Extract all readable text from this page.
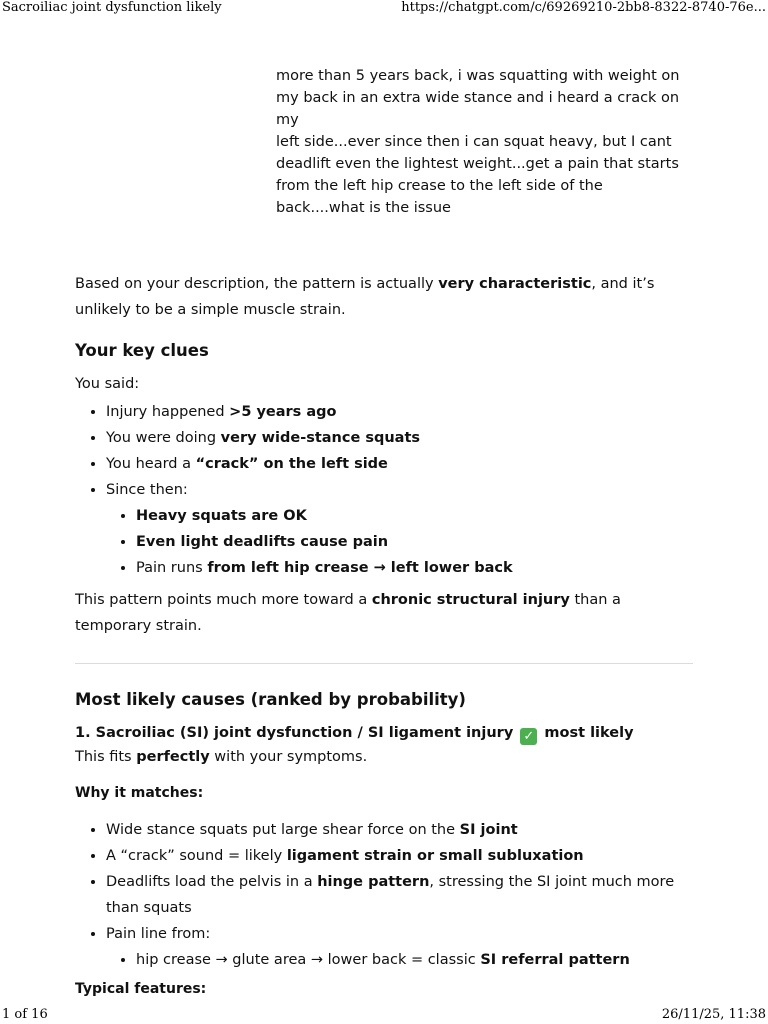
Sacroiliac joint dysfunction likely	https://chatgpt.com/c/69269210-2bb8-8322-8740-76e...
more than 5 years back, i was squatting with weight on
my back in an extra wide stance and i heard a crack on my
left side...ever since then i can squat heavy, but I cant
deadlift even the lightest weight...get a pain that starts
from the left hip crease to the left side of the
back....what is the issue

Based on your description, the pattern is actually very characteristic, and it’s unlikely to be a simple muscle strain.

Your key clues

You said:

• Injury happened >5 years ago
• You were doing very wide-stance squats
• You heard a “crack” on the left side
• Since then:
• Heavy squats are OK
• Even light deadlifts cause pain
• Pain runs from left hip crease → left lower back

This pattern points much more toward a chronic structural injury than a temporary strain.

Most likely causes (ranked by probability)
1. Sacroiliac (SI) joint dysfunction / SI ligament injury ✓ most likely

This fits perfectly with your symptoms.

Why it matches:
• Wide stance squats put large shear force on the SI joint
• A “crack” sound = likely ligament strain or small subluxation
• Deadlifts load the pelvis in a hinge pattern, stressing the SI joint much more than squats
• Pain line from:
• hip crease → glute area → lower back = classic SI referral pattern
Typical features:
1 of 16	26/11/25, 11:38
